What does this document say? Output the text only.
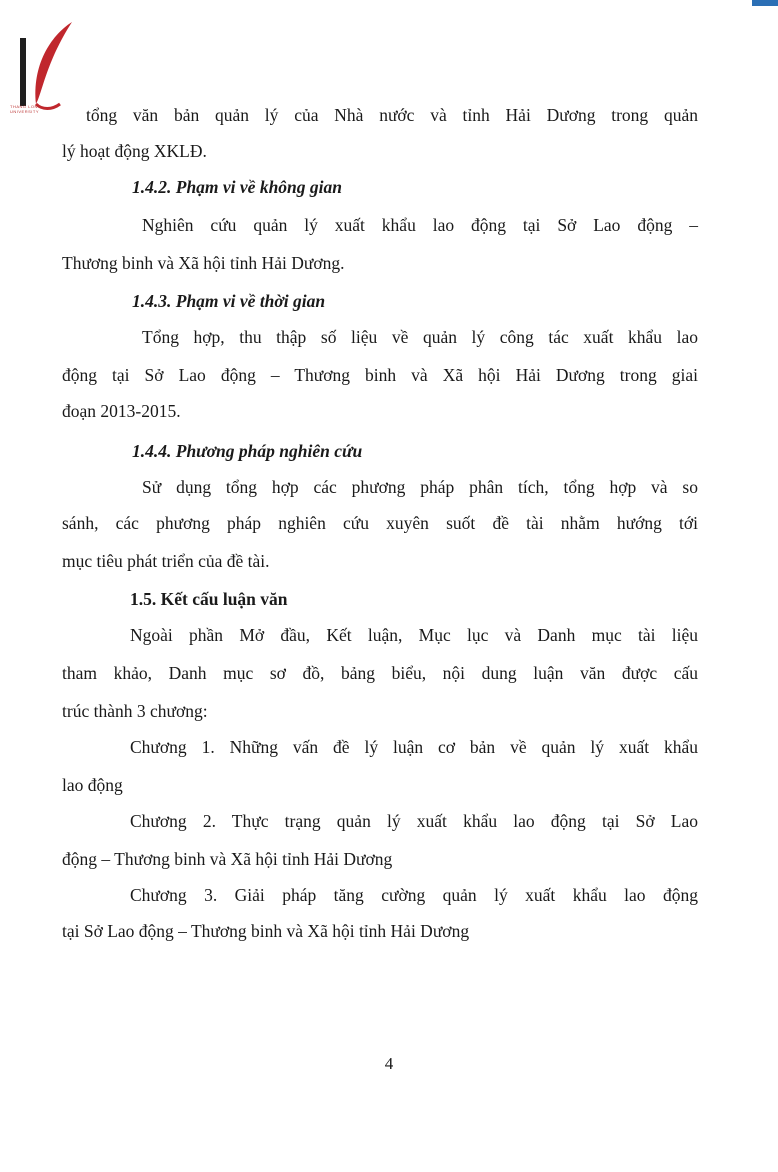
THANG LONG UNIVERSITY	tổng văn bản quản lý của Nhà nước và tỉnh Hải Dương trong quản
lý hoạt động XKLĐ.
1.4.2. Phạm vi về không gian
Nghiên cứu quản lý xuất khẩu lao động tại Sở Lao động –
Thương binh và Xã hội tỉnh Hải Dương.
1.4.3. Phạm vi về thời gian
Tổng hợp, thu thập số liệu về quản lý công tác xuất khẩu lao
động tại Sở Lao động – Thương binh và Xã hội Hải Dương trong giai
đoạn 2013-2015.
1.4.4. Phương pháp nghiên cứu
Sử dụng tổng hợp các phương pháp phân tích, tổng hợp và so
sánh, các phương pháp nghiên cứu xuyên suốt đề tài nhằm hướng tới
mục tiêu phát triển của đề tài.
1.5. Kết cấu luận văn
Ngoài phần Mở đầu, Kết luận, Mục lục và Danh mục tài liệu
tham khảo, Danh mục sơ đồ, bảng biểu, nội dung luận văn được cấu
trúc thành 3 chương:
Chương 1. Những vấn đề lý luận cơ bản về quản lý xuất khẩu
lao động
Chương 2. Thực trạng quản lý xuất khẩu lao động tại Sở Lao
động – Thương binh và Xã hội tỉnh Hải Dương
Chương 3. Giải pháp tăng cường quản lý xuất khẩu lao động
tại Sở Lao động – Thương binh và Xã hội tỉnh Hải Dương
4
